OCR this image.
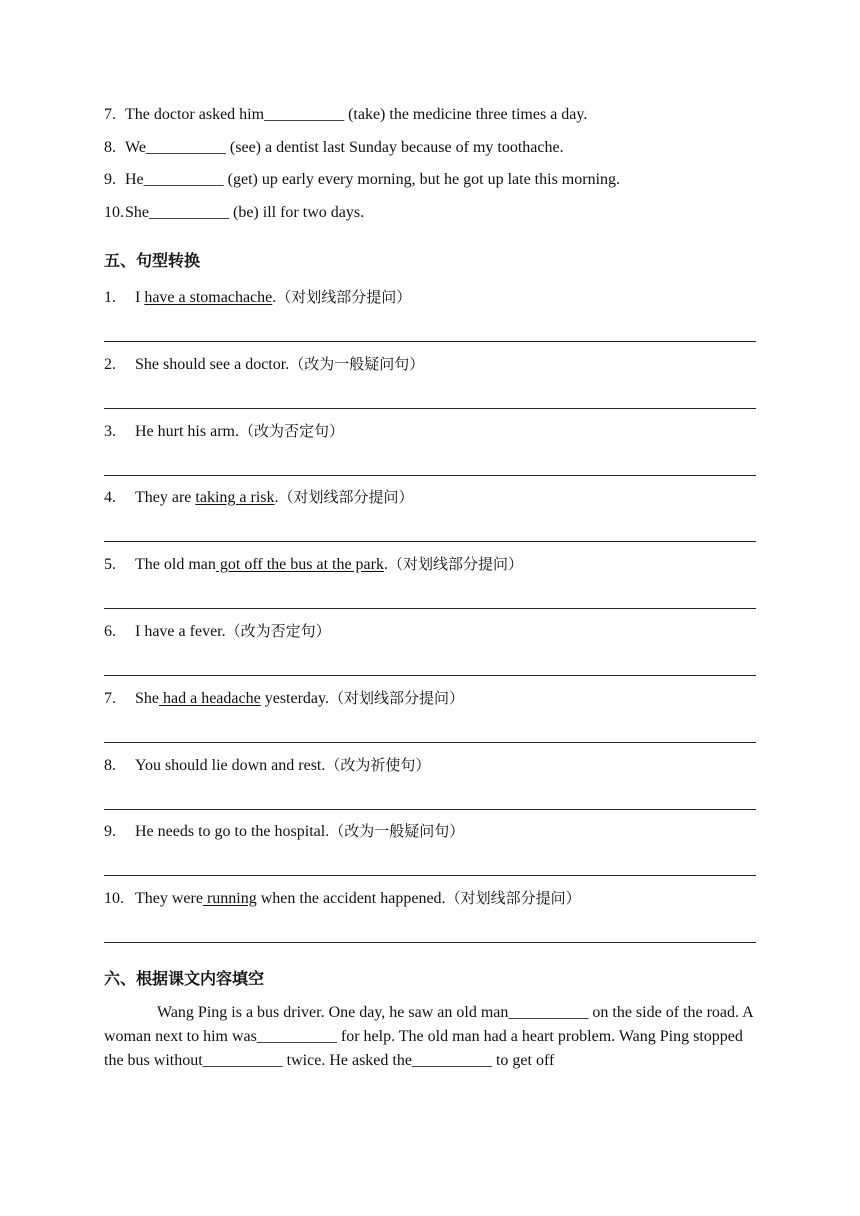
7. The doctor asked him__________ (take) the medicine three times a day.
8. We__________ (see) a dentist last Sunday because of my toothache.
9. He__________ (get) up early every morning, but he got up late this morning.
10.She__________ (be) ill for two days.
五、句型转换
1. I have a stomachache.（对划线部分提问）
2. She should see a doctor.（改为一般疑问句）
3. He hurt his arm.（改为否定句）
4. They are taking a risk.（对划线部分提问）
5. The old man got off the bus at the park.（对划线部分提问）
6. I have a fever.（改为否定句）
7. She had a headache yesterday.（对划线部分提问）
8. You should lie down and rest.（改为祈使句）
9. He needs to go to the hospital.（改为一般疑问句）
10. They were running when the accident happened.（对划线部分提问）
六、根据课文内容填空

Wang Ping is a bus driver. One day, he saw an old man__________ on the side of the road. A woman next to him was__________ for help. The old man had a heart problem. Wang Ping stopped the bus without__________ twice. He asked the__________ to get off
